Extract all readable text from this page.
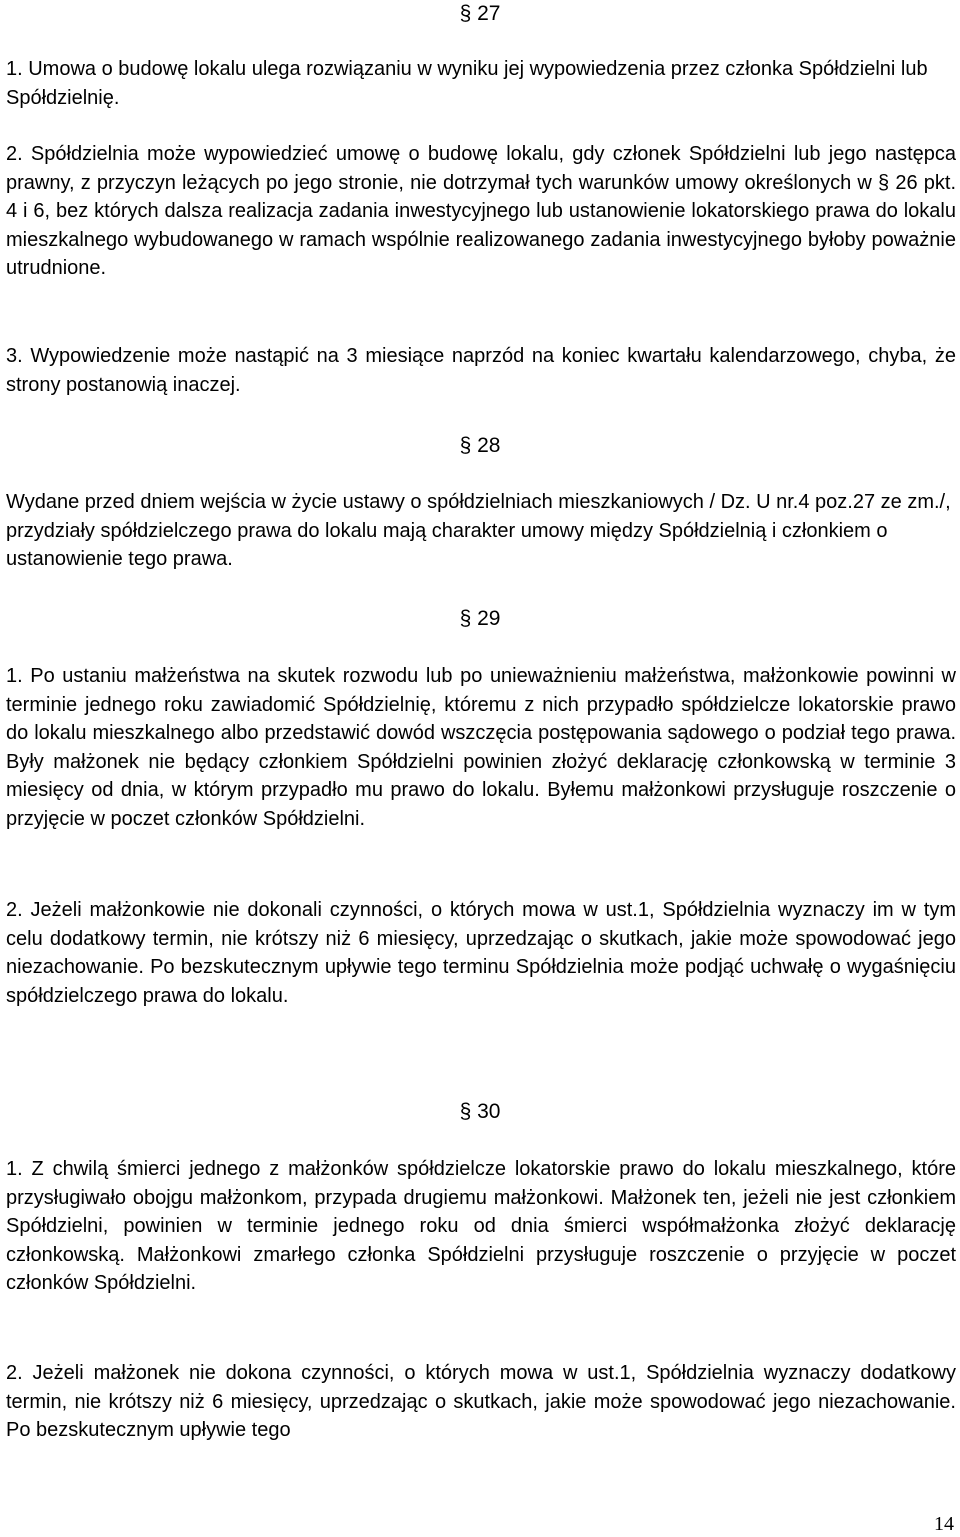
§ 27

1. Umowa o budowę lokalu ulega rozwiązaniu w wyniku jej wypowiedzenia przez członka Spółdzielni lub Spółdzielnię.

2. Spółdzielnia może wypowiedzieć umowę o budowę lokalu, gdy członek Spółdzielni lub jego następca prawny, z przyczyn leżących po jego stronie, nie dotrzymał tych warunków umowy określonych w § 26 pkt. 4 i 6, bez których dalsza realizacja zadania inwestycyjnego lub ustanowienie lokatorskiego prawa do lokalu mieszkalnego wybudowanego w ramach wspólnie realizowanego zadania inwestycyjnego byłoby poważnie utrudnione.

3. Wypowiedzenie może nastąpić na 3 miesiące naprzód na koniec kwartału kalendarzowego, chyba, że strony postanowią inaczej.

§ 28

Wydane przed dniem wejścia w życie ustawy o spółdzielniach mieszkaniowych / Dz. U nr.4 poz.27 ze zm./, przydziały spółdzielczego prawa do lokalu mają charakter umowy między Spółdzielnią i członkiem o ustanowienie tego prawa.

§ 29

1. Po ustaniu małżeństwa na skutek rozwodu lub po unieważnieniu małżeństwa, małżonkowie powinni w terminie jednego roku zawiadomić Spółdzielnię, któremu z nich przypadło spółdzielcze lokatorskie prawo do lokalu mieszkalnego albo przedstawić dowód wszczęcia postępowania sądowego o podział tego prawa. Były małżonek nie będący członkiem Spółdzielni powinien złożyć deklarację członkowską w terminie 3 miesięcy od dnia, w którym przypadło mu prawo do lokalu. Byłemu małżonkowi przysługuje roszczenie o przyjęcie w poczet członków Spółdzielni.

2. Jeżeli małżonkowie nie dokonali czynności, o których mowa w ust.1, Spółdzielnia wyznaczy im w tym celu dodatkowy termin, nie krótszy niż 6 miesięcy, uprzedzając o skutkach, jakie może spowodować jego niezachowanie. Po bezskutecznym upływie tego terminu Spółdzielnia może podjąć uchwałę o wygaśnięciu spółdzielczego prawa do lokalu.

§ 30

1. Z chwilą śmierci jednego z małżonków spółdzielcze lokatorskie prawo do lokalu mieszkalnego, które przysługiwało obojgu małżonkom, przypada drugiemu małżonkowi. Małżonek ten, jeżeli nie jest członkiem Spółdzielni, powinien w terminie jednego roku od dnia śmierci współmałżonka złożyć deklarację członkowską. Małżonkowi zmarłego członka Spółdzielni przysługuje roszczenie o przyjęcie w poczet członków Spółdzielni.

2. Jeżeli małżonek nie dokona czynności, o których mowa w ust.1, Spółdzielnia wyznaczy dodatkowy termin, nie krótszy niż 6 miesięcy, uprzedzając o skutkach, jakie może spowodować jego niezachowanie. Po bezskutecznym upływie tego

14
